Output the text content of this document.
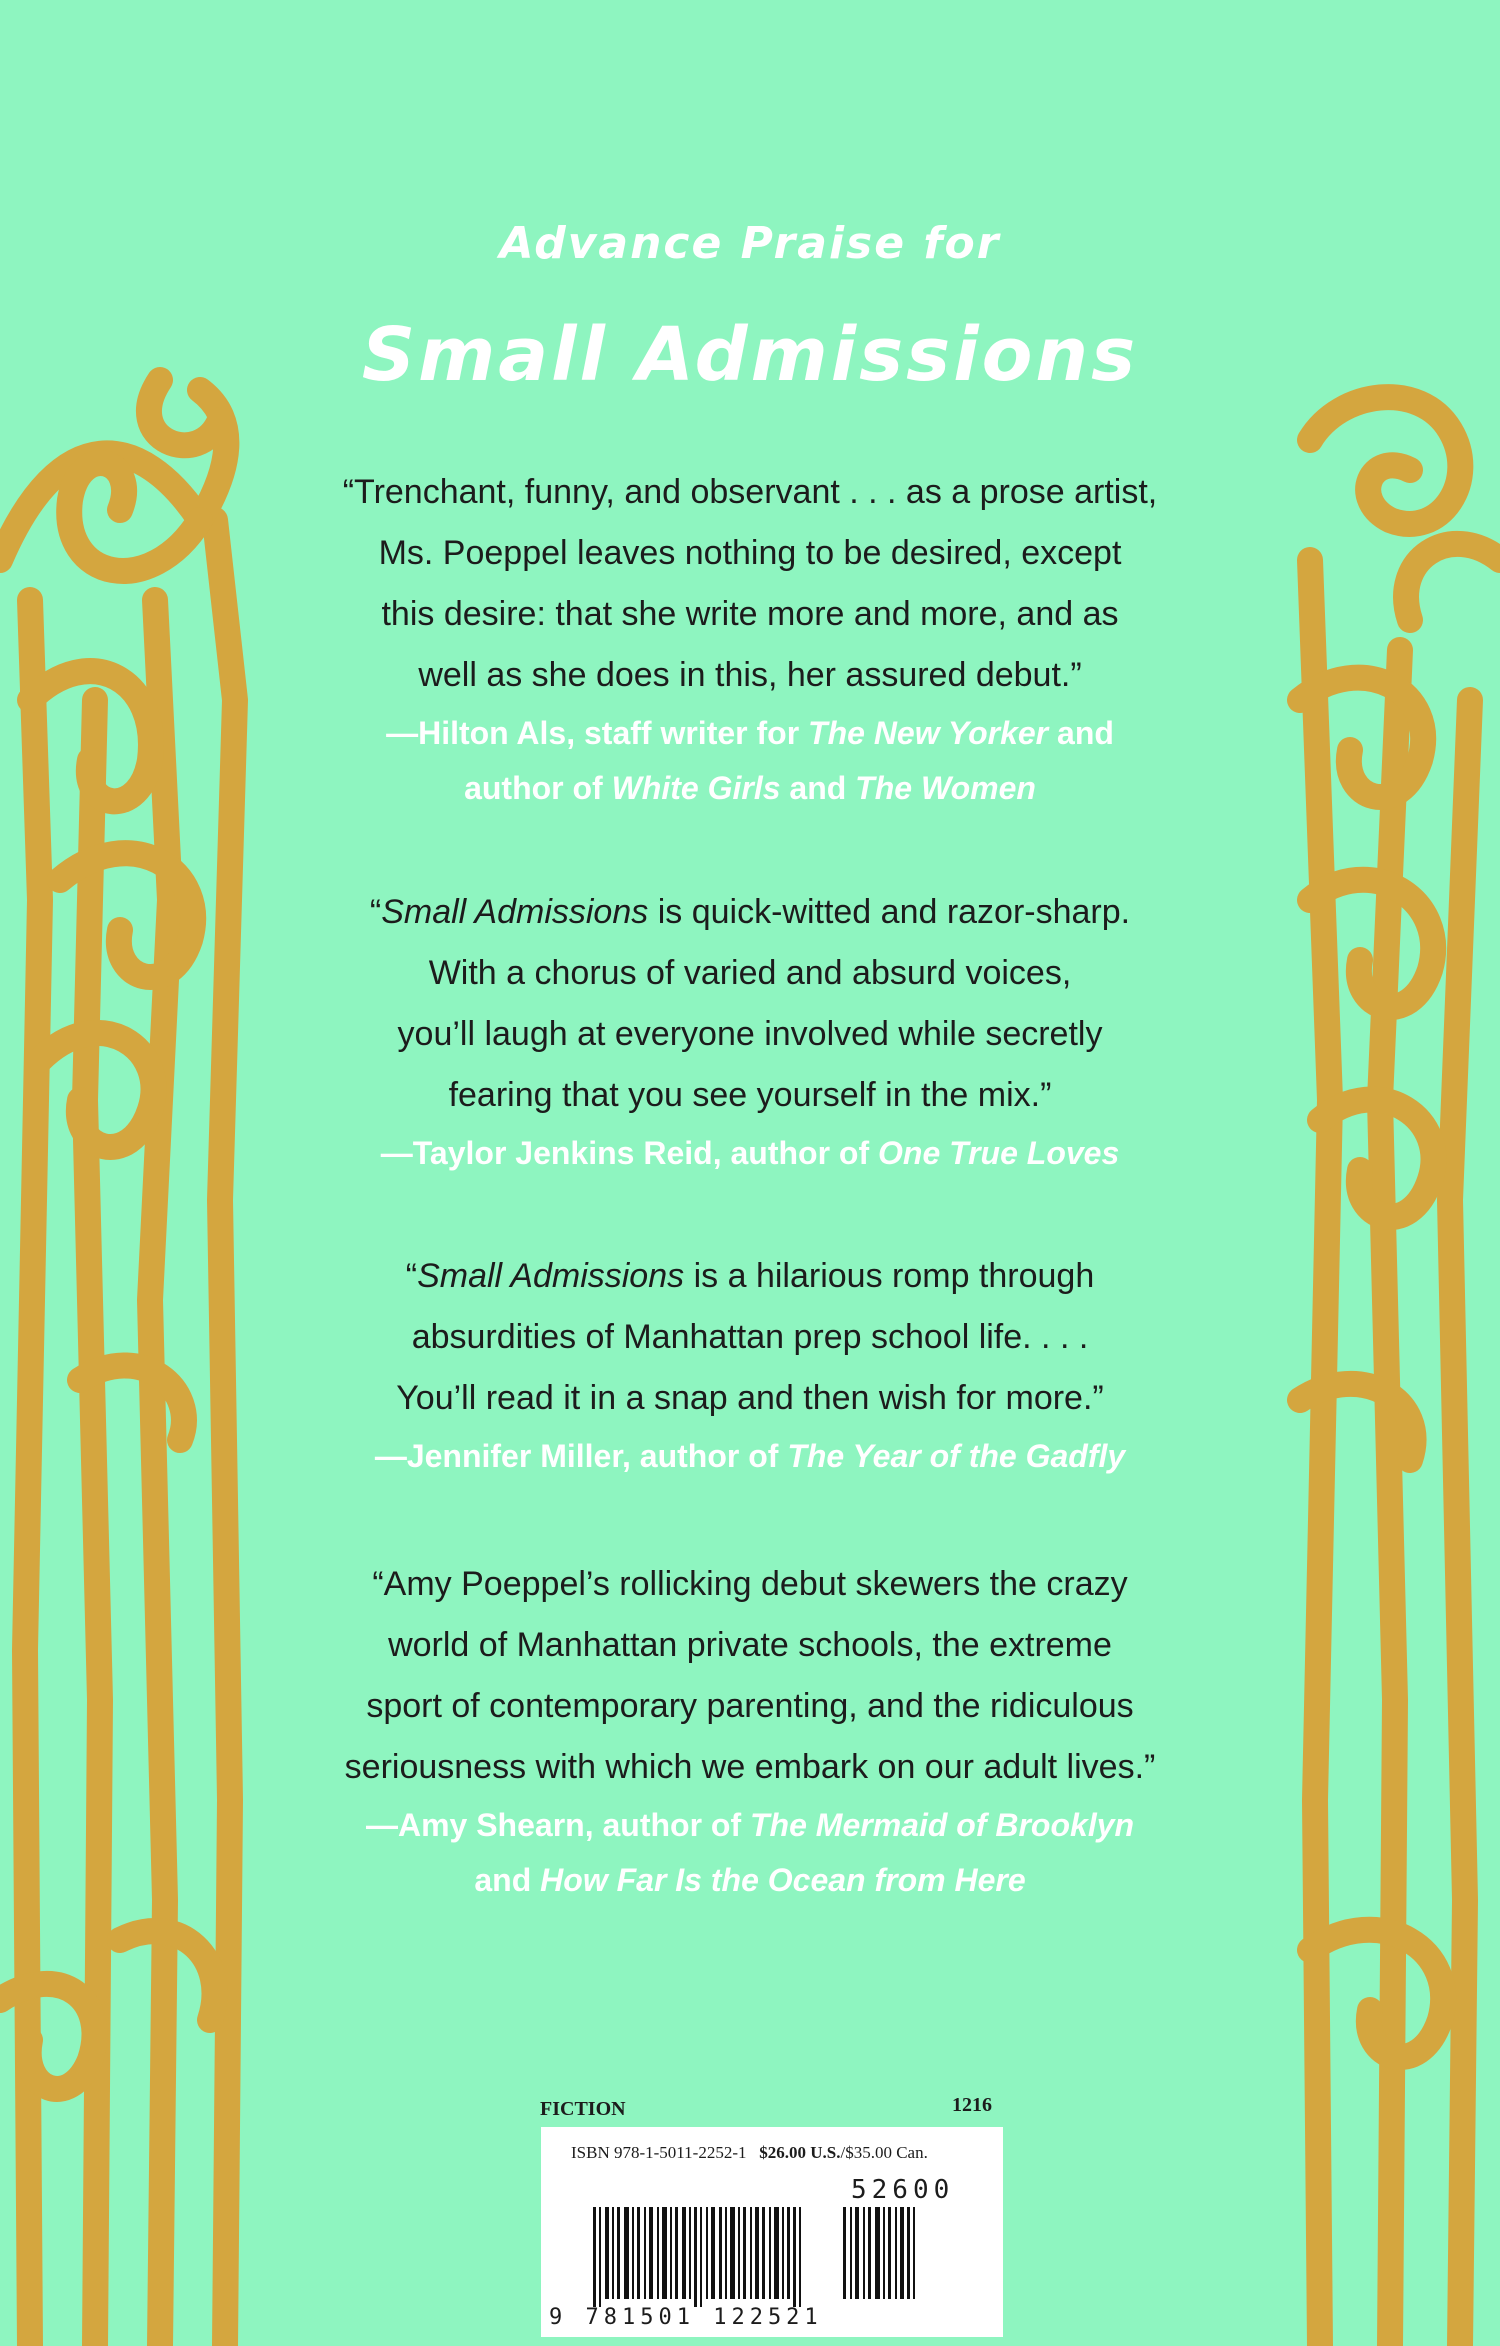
Advance Praise for
Small Admissions

“Trenchant, funny, and observant . . . as a prose artist,

Ms. Poeppel leaves nothing to be desired, except

this desire: that she write more and more, and as

well as she does in this, her assured debut.”

—Hilton Als, staff writer for The New Yorker and

author of White Girls and The Women

“Small Admissions is quick-witted and razor-sharp.

With a chorus of varied and absurd voices,

you’ll laugh at everyone involved while secretly

fearing that you see yourself in the mix.”

—Taylor Jenkins Reid, author of One True Loves

“Small Admissions is a hilarious romp through

absurdities of Manhattan prep school life. . . .

You’ll read it in a snap and then wish for more.”

—Jennifer Miller, author of The Year of the Gadfly

“Amy Poeppel’s rollicking debut skewers the crazy

world of Manhattan private schools, the extreme

sport of contemporary parenting, and the ridiculous

seriousness with which we embark on our adult lives.”

—Amy Shearn, author of The Mermaid of Brooklyn

and How Far Is the Ocean from Here

FICTION	1216
ISBN 978-1-5011-2252-1 $26.00 U.S./$35.00 Can.
52600
9 781501 122521
